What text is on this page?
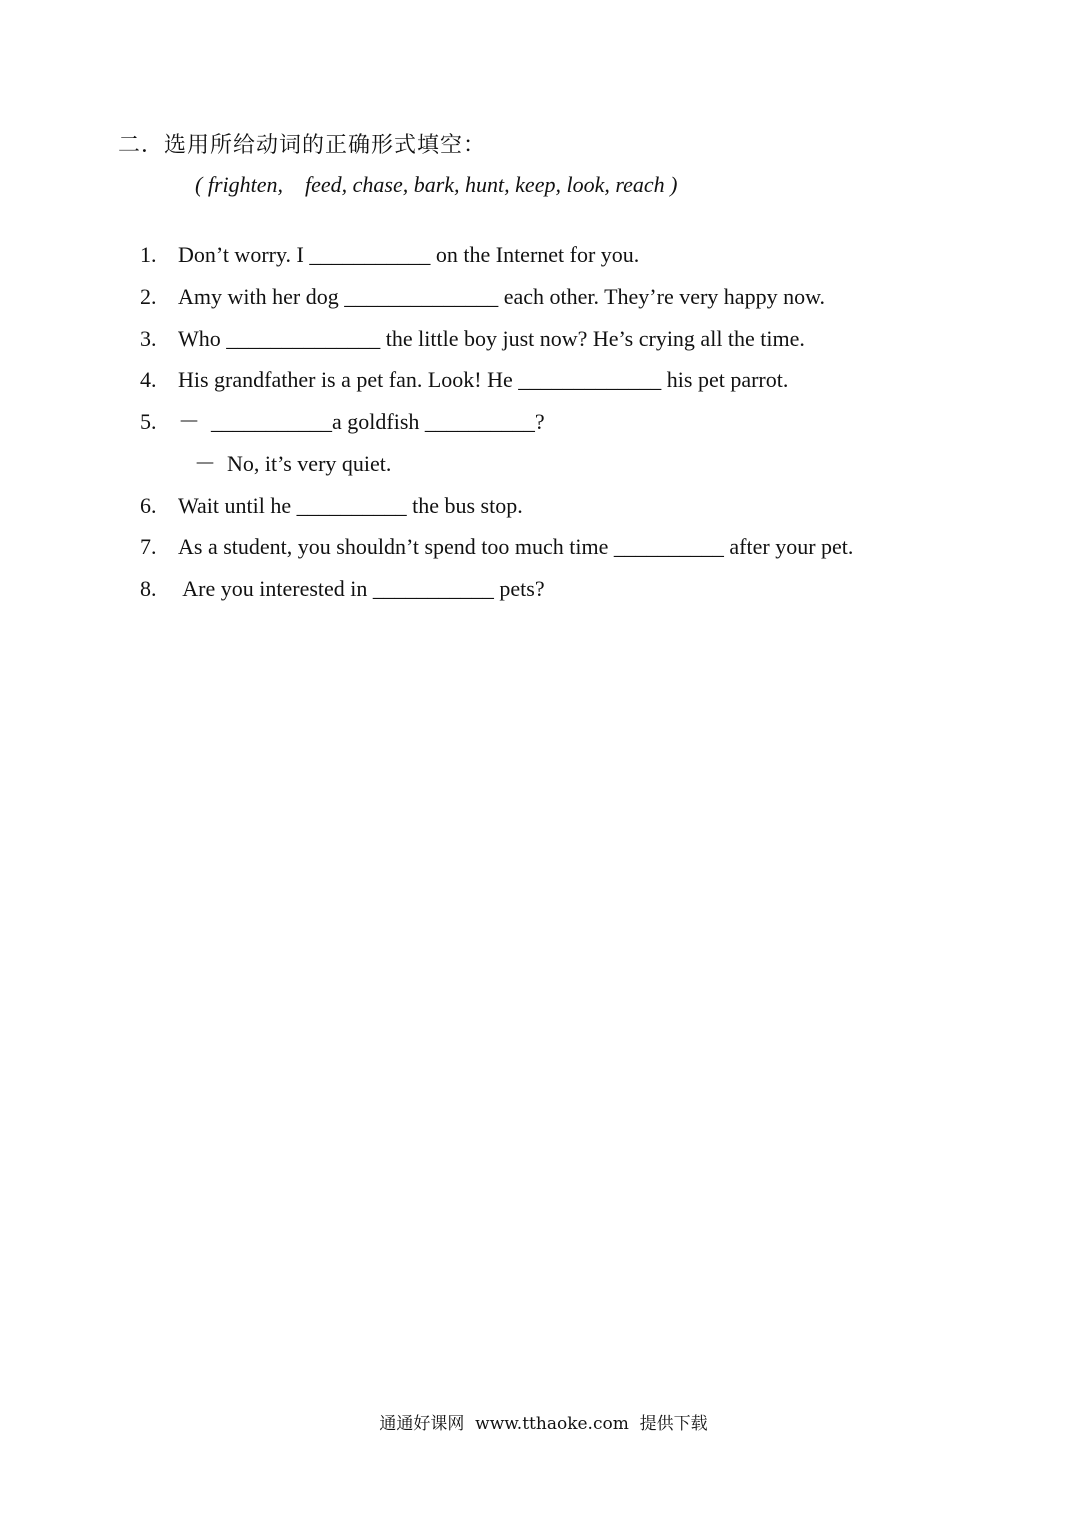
二．选用所给动词的正确形式填空：
( frighten,    feed, chase, bark, hunt, keep, look, reach )

1. Don’t worry. I ___________ on the Internet for you.

2. Amy with her dog ______________ each other. They’re very happy now.

3. Who ______________ the little boy just now? He’s crying all the time.

4. His grandfather is a pet fan. Look! He _____________ his pet parrot.

5. －  ___________a goldfish __________?

－  No, it’s very quiet.

6. Wait until he __________ the bus stop.

7. As a student, you shouldn’t spend too much time __________ after your pet.

8. Are you interested in ___________ pets?

通通好课网  www.tthaoke.com  提供下载
